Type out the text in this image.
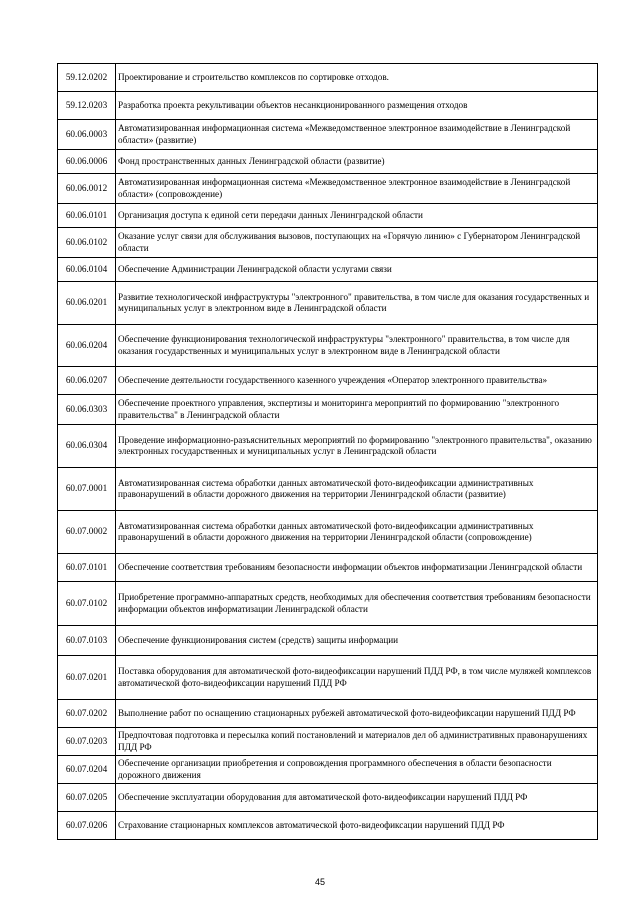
59.12.0202	Проектирование и строительство комплексов по сортировке отходов.
59.12.0203	Разработка проекта рекультивации объектов несанкционированного размещения отходов
60.06.0003	Автоматизированная информационная система «Межведомственное электронное взаимодействие в Ленинградской области» (развитие)
60.06.0006	Фонд пространственных данных Ленинградской области (развитие)
60.06.0012	Автоматизированная информационная система «Межведомственное электронное взаимодействие в Ленинградской области» (сопровождение)
60.06.0101	Организация доступа к единой сети передачи данных Ленинградской области
60.06.0102	Оказание услуг связи для обслуживания вызовов, поступающих на «Горячую линию» с Губернатором Ленинградской области
60.06.0104	Обеспечение Администрации Ленинградской области услугами связи
60.06.0201	Развитие технологической инфраструктуры "электронного" правительства, в том числе для оказания государственных и муниципальных услуг в электронном виде в Ленинградской области
60.06.0204	Обеспечение функционирования технологической инфраструктуры "электронного" правительства, в том числе для оказания государственных и муниципальных услуг в электронном виде в Ленинградской области
60.06.0207	Обеспечение деятельности государственного казенного учреждения «Оператор электронного правительства»
60.06.0303	Обеспечение проектного управления, экспертизы и мониторинга мероприятий по формированию "электронного правительства" в Ленинградской области
60.06.0304	Проведение информационно-разъяснительных мероприятий по формированию "электронного правительства", оказанию электронных государственных и муниципальных услуг в Ленинградской области
60.07.0001	Автоматизированная система обработки данных автоматической фото-видеофиксации административных правонарушений в области дорожного движения на территории Ленинградской области (развитие)
60.07.0002	Автоматизированная система обработки данных автоматической фото-видеофиксации административных правонарушений в области дорожного движения на территории Ленинградской области (сопровождение)
60.07.0101	Обеспечение соответствия требованиям безопасности информации объектов информатизации Ленинградской области
60.07.0102	Приобретение программно-аппаратных средств, необходимых для обеспечения соответствия требованиям безопасности информации объектов информатизации Ленинградской области
60.07.0103	Обеспечение функционирования систем (средств) защиты информации
60.07.0201	Поставка оборудования для автоматической фото-видеофиксации нарушений ПДД РФ, в том числе муляжей комплексов автоматической фото-видеофиксации нарушений ПДД РФ
60.07.0202	Выполнение работ по оснащению стационарных рубежей автоматической фото-видеофиксации нарушений ПДД РФ
60.07.0203	Предпочтовая подготовка и пересылка копий постановлений и материалов дел об административных правонарушениях ПДД РФ
60.07.0204	Обеспечение организации приобретения и сопровождения программного обеспечения в области безопасности дорожного движения
60.07.0205	Обеспечение эксплуатации оборудования для автоматической фото-видеофиксации нарушений ПДД РФ
60.07.0206	Страхование стационарных комплексов автоматической фото-видеофиксации нарушений ПДД РФ
45
